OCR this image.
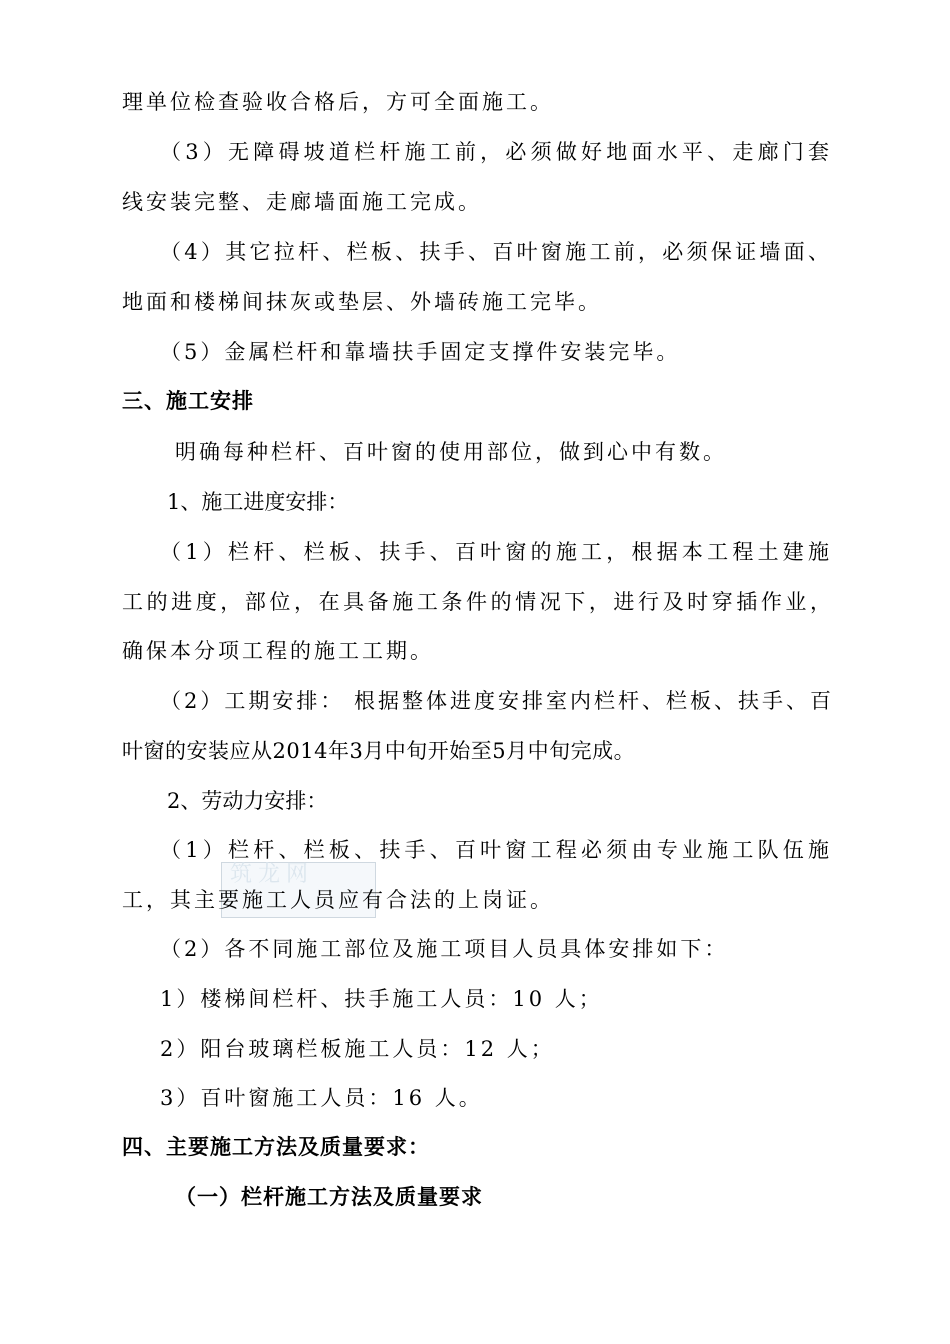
理单位检查验收合格后，方可全面施工。
（3）无障碍坡道栏杆施工前，必须做好地面水平、走廊门套
线安装完整、走廊墙面施工完成。
（4）其它拉杆、栏板、扶手、百叶窗施工前，必须保证墙面、
地面和楼梯间抹灰或垫层、外墙砖施工完毕。
（5）金属栏杆和靠墙扶手固定支撑件安装完毕。
三、施工安排
明确每种栏杆、百叶窗的使用部位，做到心中有数。
1、施工进度安排：
（1）栏杆、栏板、扶手、百叶窗的施工，根据本工程土建施
工的进度，部位，在具备施工条件的情况下，进行及时穿插作业，
确保本分项工程的施工工期。
（2）工期安排： 根据整体进度安排室内栏杆、栏板、扶手、百
叶窗的安装应从2014年3月中旬开始至5月中旬完成。
2、劳动力安排：
（1）栏杆、栏板、扶手、百叶窗工程必须由专业施工队伍施
筑龙网
工，其主要施工人员应有合法的上岗证。
（2）各不同施工部位及施工项目人员具体安排如下：
1）楼梯间栏杆、扶手施工人员：10 人；
2）阳台玻璃栏板施工人员：12 人；
3）百叶窗施工人员：16 人。
四、主要施工方法及质量要求：
（一）栏杆施工方法及质量要求
